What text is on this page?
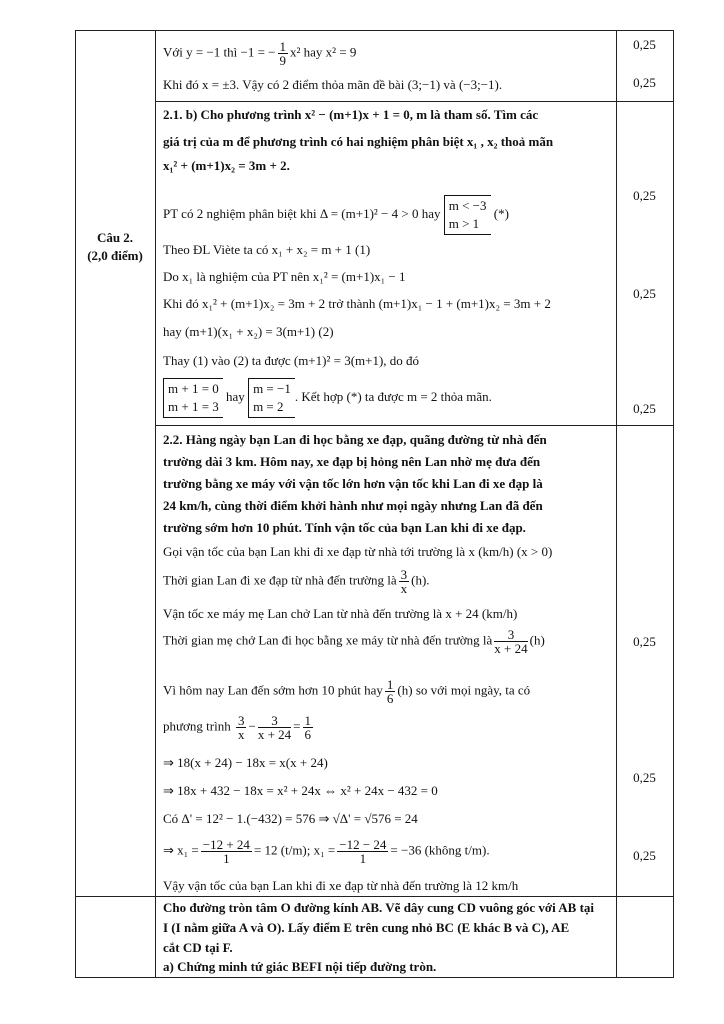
Câu 2.
(2,0 điểm)
0,25
0,25
0,25
0,25
0,25
0,25
0,25
0,25
Với y = −1 thì −1 = − $\frac{1}{9} x^2$ hay x² = 9
Khi đó x = ±3. Vậy có 2 điểm thỏa mãn đề bài (3;−1) và (−3;−1).
2.1. b) Cho phương trình x² − (m+1)x + 1 = 0, m là tham số. Tìm các
giá trị của m để phương trình có hai nghiệm phân biệt x₁ , x₂ thoả mãn
x₁² + (m+1)x₂ = 3m + 2.
PT có 2 nghiệm phân biệt khi Δ = (m+1)² − 4 > 0 hay m < −3
m > 1 (*)
Theo ĐL Viète ta có x₁ + x₂ = m + 1 (1)
Do x₁ là nghiệm của PT nên x₁² = (m+1)x₁ − 1
Khi đó x₁² + (m+1)x₂ = 3m + 2 trở thành (m+1)x₁ − 1 + (m+1)x₂ = 3m + 2
hay (m+1)(x₁ + x₂) = 3(m+1) (2)
Thay (1) vào (2) ta được (m+1)² = 3(m+1), do đó
m + 1 = 0
m + 1 = 3 hay m = −1
m = 2. Kết hợp (*) ta được m = 2 thỏa mãn.
2.2. Hàng ngày bạn Lan đi học bằng xe đạp, quãng đường từ nhà đến
trường dài 3 km. Hôm nay, xe đạp bị hỏng nên Lan nhờ mẹ đưa đến
trường bằng xe máy với vận tốc lớn hơn vận tốc khi Lan đi xe đạp là
24 km/h, cùng thời điểm khởi hành như mọi ngày nhưng Lan đã đến
trường sớm hơn 10 phút. Tính vận tốc của bạn Lan khi đi xe đạp.
Gọi vận tốc của bạn Lan khi đi xe đạp từ nhà tới trường là x (km/h) (x > 0)
Thời gian Lan đi xe đạp từ nhà đến trường là $\frac{3}{x} (h)$.
Vận tốc xe máy mẹ Lan chở Lan từ nhà đến trường là x + 24 (km/h)
Thời gian mẹ chở Lan đi học bằng xe máy từ nhà đến trường là $\frac{3}{x + 24} (h)$
Vì hôm nay Lan đến sớm hơn 10 phút hay $\frac{1}{6} (h)$ so với mọi ngày, ta có
phương trình $\frac{3}{x} - \frac{3}{x + 24} = \frac{1}{6}$
⇒ 18(x + 24) − 18x = x(x + 24)
⇒ 18x + 432 − 18x = x² + 24x ⇔ x² + 24x − 432 = 0
Có Δ' = 12² − 1.(−432) = 576 ⇒ √Δ' = √576 = 24
⇒ $x_1 = \frac{-12 + 24}{1} = 12$ (t/m); $x_1 = \frac{-12 - 24}{1} = -36$ (không t/m).
Vậy vận tốc của bạn Lan khi đi xe đạp từ nhà đến trường là 12 km/h
Cho đường tròn tâm O đường kính AB. Vẽ dây cung CD vuông góc với AB tại
I (I nằm giữa A và O). Lấy điểm E trên cung nhỏ BC (E khác B và C), AE
cắt CD tại F.
a) Chứng minh tứ giác BEFI nội tiếp đường tròn.
